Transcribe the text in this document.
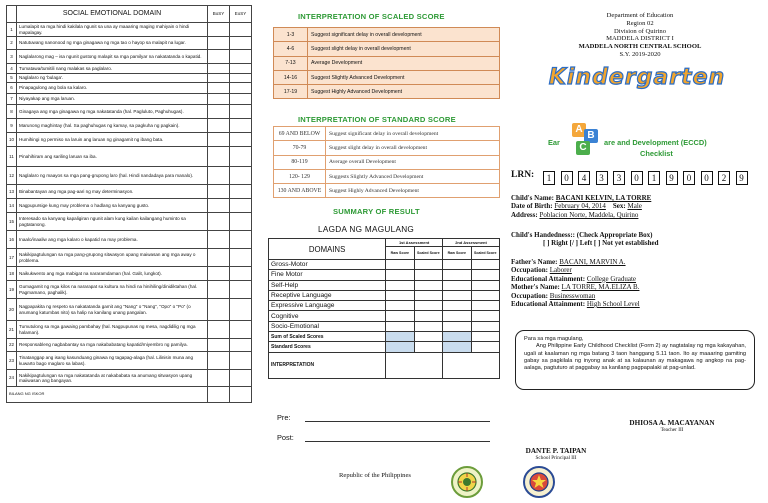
	SOCIAL EMOTIONAL DOMAIN	BoSY	EoSY
1	Lumalapit sa mga hindi kakilala ngunit sa una ay maaaring maging mahiyain o hindi mapalagay.		
2	Natutuwang nanonood ng mga ginagawa ng mga tao o hayop sa malapit na lugar.		
3	Naglalarong mag – isa ngunit gustong malapit sa mga pamilyar na nakatatanda o kapatid.		
4	Tumatawa/tumitili nang malakas sa paglalaro.		
5	Naglalaro ng 'bulaga'.		
6	Pinapagulong ang bola sa kalaro.		
7	Niyayakap ang mga laruan.		
8	Ginagaya ang mga ginagawa ng mga nakatatanda (hal. Pagluluto, Paghuhugas).		
9	Marunong maghintay (hal. Sa paghuhugas ng kamay, sa pagkuha ng pagkain).		
10	Humihingi ng permiso na laruin ang laruan ng ginagamit ng ibang bata.		
11	Pinahihiram ang sariling laruan sa iba.		
12	Naglalaro ng maayos sa mga pang-grupong laro (hal. Hindi nandadaya para manalo).		
13	Binabantayan ang mga pag-aari ng may determinasyon.		
14	Nagpupursige kung may problema o hadlang sa kanyang gusto.		
15	Interesado sa kanyang kapaligiran ngunit alam kung kailan kailangang huminto sa pagtatanong.		
16	Inaalo/inaaliw ang mga kalaro o kapatid na may problema.		
17	Nakikipagtulungan sa mga pang-grupong sitwasyon upang maiwasan ang mga away o problema.		
18	Naikukwento ang mga mabigat na nararamdaman (hal. Galit, lungkot).		
19	Gumagamit ng mga kilos na nararapat sa kultura na hindi na hinihiling/dinidiktahan (hal. Pagmamano, paghalik).		
20	Nagpapakita ng respeto sa nakatatanda gamit ang "Nang" o "Nang", "Opo" o "Po" (o anumang katumbas nito) sa halip na kanilang unang pangalan.		
21	Tumutulong sa mga gawaing pambahay (hal. Nagpupunas ng mesa, nagdidilig ng mga halaman).		
22	Responsableng nagbabantay sa mga nakababatang kapatid/miyembro ng pamilya.		
23	Tinatanggap ang isang kasunduang ginawa ng tagapag-alaga (hal. Lilinisin muna ang kuwarto bago maglaro sa labas).		
24	Nakikipagtulungan sa mga nakatatanda at nakababata sa anumang sitwasyon upang maiiwasan ang bangayan.		
BILANG NG ISKOR			
INTERPRETATION OF SCALED SCORE
1-3	Suggest significant delay in overall development
4-6	Suggest slight delay in overall development
7-13	Average Development
14-16	Suggest Slightly Advanced Development
17-19	Suggest Highly Advanced Development
INTERPRETATION OF STANDARD SCORE
69 AND BELOW	Suggest significant delay in overall development
70-79	Suggest slight delay in overall development
80-119	Average overall Development
120- 129	Suggests Slightly Advanced Development
130 AND ABOVE	Suggest Highly Advanced Development
SUMMARY OF RESULT
LAGDA NG MAGULANG
DOMAINS	1st Assessment		2nd Assessment	
	Raw Score	Scaled Score	Raw Score	Scaled Score
Gross-Motor				
Fine Motor				
Self-Help				
Receptive Language				
Expressive Language				
Cognitive				
Socio-Emotional				
Sum of Scaled Scores				
Standard Scores				
INTERPRETATION				
Pre:
Post:
Republic of the Philippines
Department of Education
Region 02
Division of Quirino
MADDELA DISTRICT I
MADDELA NORTH CENTRAL SCHOOL
S.Y. 2019-2020
Kindergarten
Ear
A
B
C	are and Development (ECCD)
Checklist
LRN:	1 0 4 3 3 0 1 9 0 0 2 9
Child's Name: BACANI KELVIN, LA TORRE
Date of Birth: February 04, 2014 Sex: Male
Address: Poblacion Norte, Maddela, Quirino
Child's Handedness:: (Check Appropriate Box)
[ ] Right [/ ] Left [ ] Not yet established
Father's Name: BACANI, MARVIN A.
Occupation: Laborer
Educational Attainment: College Graduate
Mother's Name: LA TORRE, MA.ELIZA B.
Occupation: Businesswoman
Educational Attainment: High School Level
Para sa mga magulang,
Ang Philippine Early Childhood Checklist (Form 2) ay nagtatalay ng mga kakayahan, ugali at kaalaman ng mga batang 3 taon hanggang 5.11 taon. Ito ay maaaring gamiting gabay sa pagkilala ng inyong anak at sa kalaunan ay makagawa ng angkop na pag-aalaga, pagtuturo at paggabay sa kanilang pagpapalaki at pag-unlad.
DHIOSA A. MACAYANAN
Teacher III
DANTE P. TAIPAN
School Principal III
